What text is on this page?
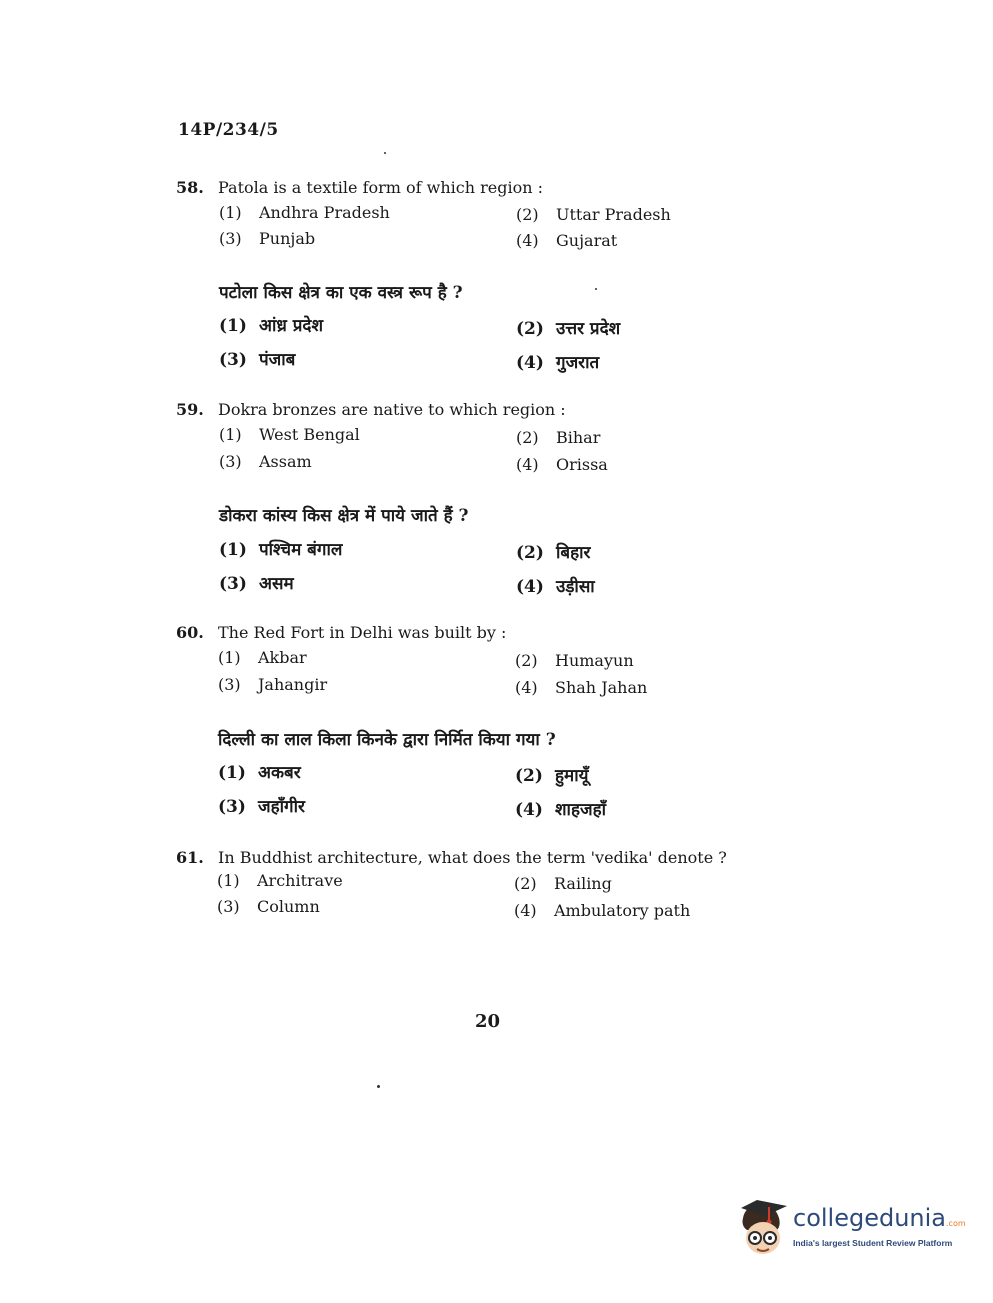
14P/234/5
58. Patola is a textile form of which region :
(1) Andhra Pradesh	(2) Uttar Pradesh
(3) Punjab	(4) Gujarat
पटोला किस क्षेत्र का एक वस्त्र रूप है ?
(1) आंध्र प्रदेश	(2) उत्तर प्रदेश
(3) पंजाब	(4) गुजरात
59. Dokra bronzes are native to which region :
(1) West Bengal	(2) Bihar
(3) Assam	(4) Orissa
डोकरा कांस्य किस क्षेत्र में पाये जाते हैं ?
(1) पश्चिम बंगाल	(2) बिहार
(3) असम	(4) उड़ीसा
60. The Red Fort in Delhi was built by :
(1) Akbar	(2) Humayun
(3) Jahangir	(4) Shah Jahan
दिल्ली का लाल किला किनके द्वारा निर्मित किया गया ?
(1) अकबर	(2) हुमायूँ
(3) जहाँगीर	(4) शाहजहाँ
61. In Buddhist architecture, what does the term 'vedika' denote ?
(1) Architrave	(2) Railing
(3) Column	(4) Ambulatory path
20
collegedunia.com
India's largest Student Review Platform
